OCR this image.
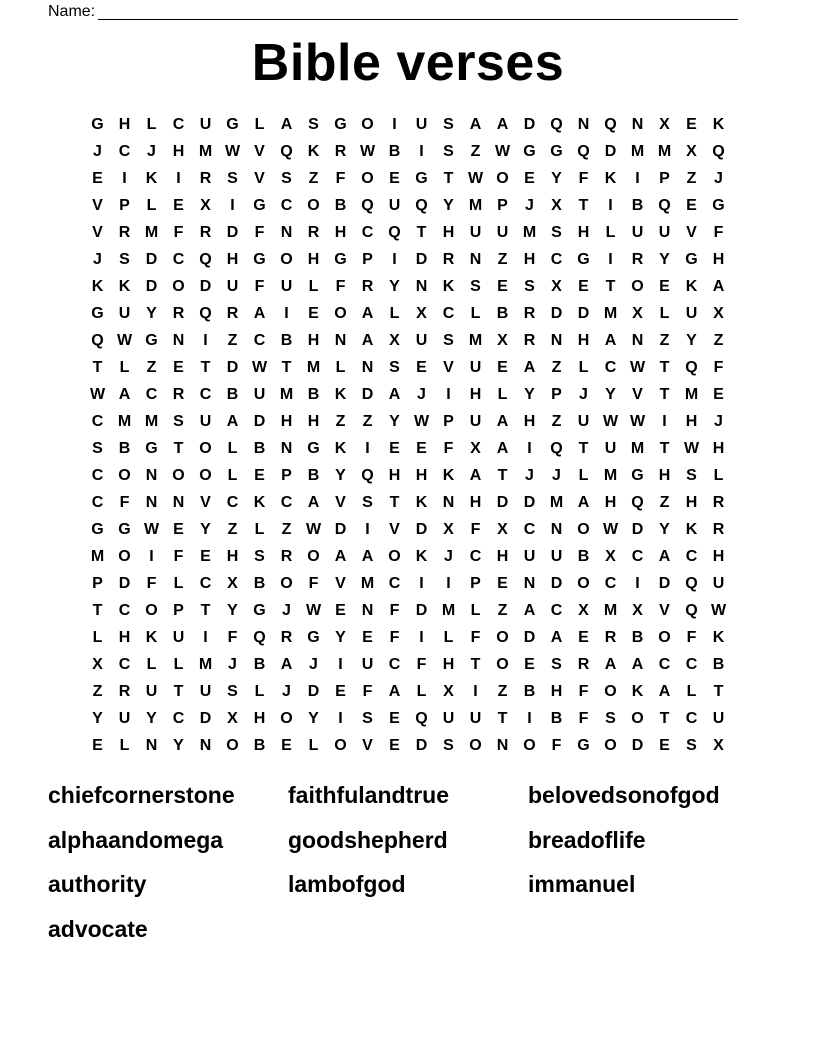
Name:
Bible verses
G H	L	C U G L	A S G O	I	U S A A D Q N Q N X	E K
J	C	J	H M W V Q K R W B	I	S	Z W G G Q D M M X Q
E	I	K	I	R S	V	S	Z	F O E G T W O E	Y	F	K	I	P	Z	J
V	P	L	E	X	I	G C O B Q U Q Y M P	J	X	T	I	B Q E G
V R M F	R D	F	N R H C Q T	H U U M S H	L	U U V	F
J	S D C Q H G O H G P	I	D R N	Z	H C G	I	R Y G H
K K D O D U	F	U	L	F	R Y N K S	E	S	X	E	T O E K A
G U Y R Q R A	I	E O A	L	X C	L	B R D D M X	L	U X
Q W G N	I	Z	C B H N A X U S M X R N H A N	Z	Y	Z
T	L	Z	E	T	D W T M L	N S	E	V U E A	Z	L	C W T Q F
W A C R C B U M B K D A	J	I	H	L	Y	P	J	Y	V	T M E
C M M S U A D H H	Z	Z	Y W P U A H	Z	U W W	I	H	J
S B G T O L	B N G K	I	E	E	F	X A	I	Q T	U M T W H
C O N O O L	E	P B Y Q H H K A	T	J	J	L M G H S	L
C	F	N N V C K C A V	S	T	K N H D D M A H Q Z	H R
G G W E	Y	Z	L	Z W D	I	V D X	F	X C N O W D Y K R
M O	I	F	E H S R O A A O K	J	C H U U B X C A C H
P D	F	L	C X B O F	V M C	I	I	P	E N D O C	I	D Q U
T	C O P	T	Y G	J W E N	F	D M L	Z	A C X M X	V Q W
L	H K U	I	F Q R G Y	E	F	I	L	F O D A E R B O F	K
X C	L	L M J	B A	J	I	U C	F	H	T O E	S R A A C C B
Z	R U	T	U S	L	J	D E	F	A	L	X	I	Z	B H	F O K A	L	T
Y U Y C D X H O Y	I	S	E Q U U	T	I	B	F	S O T	C U
E	L	N Y N O B E	L O V	E D S O N O F G O D E	S	X
chiefcornerstone	faithfulandtrue	belovedsonofgod
alphaandomega	goodshepherd	breadoflife
authority	lambofgod	immanuel
advocate
